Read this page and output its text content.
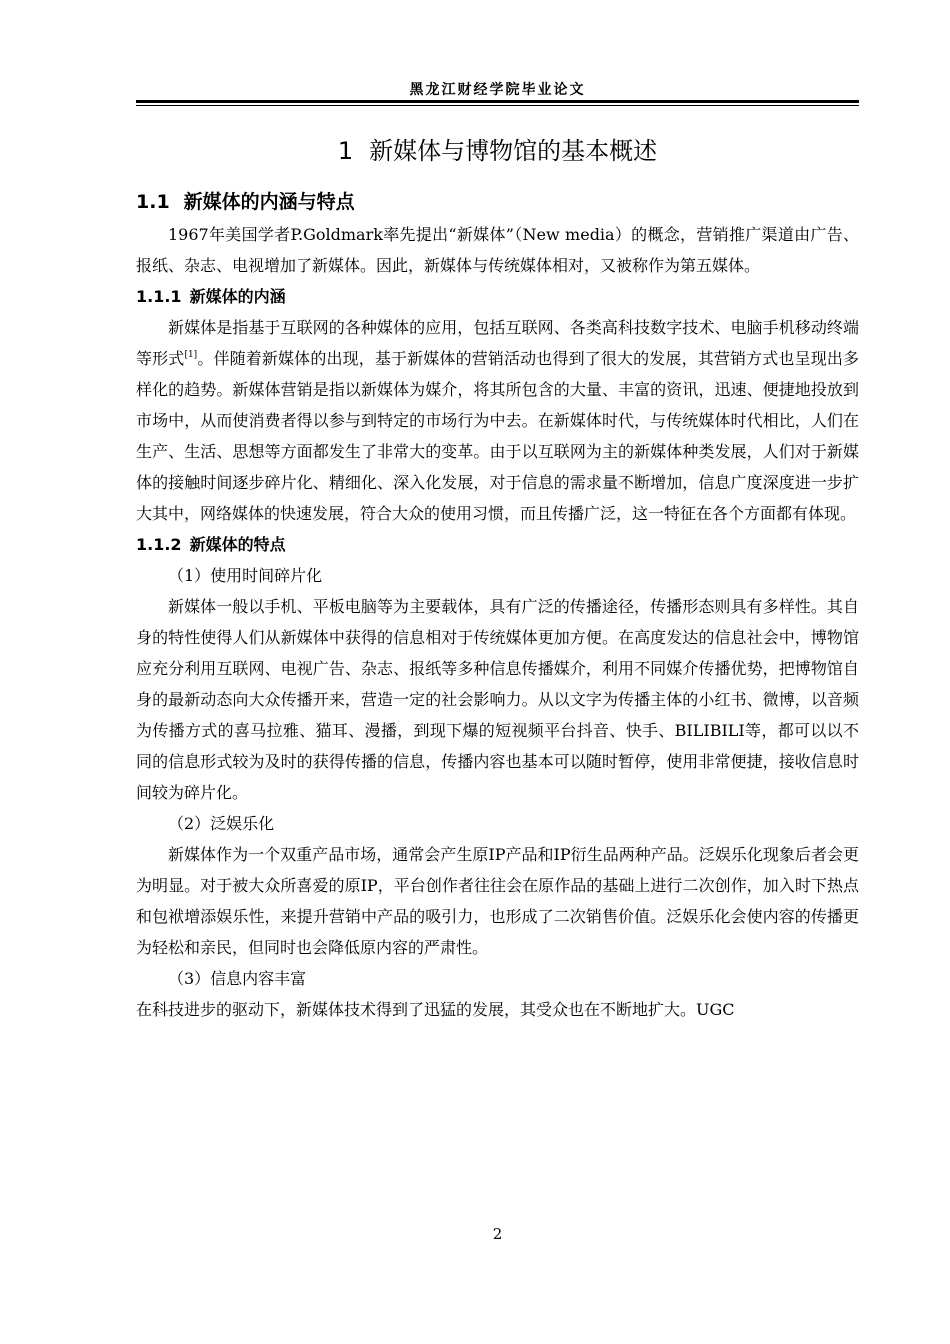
黑龙江财经学院毕业论文
1 新媒体与博物馆的基本概述
1.1 新媒体的内涵与特点

1967年美国学者P.Goldmark率先提出“新媒体”（New media）的概念，营销推广渠道由广告、报纸、杂志、电视增加了新媒体。因此，新媒体与传统媒体相对，又被称作为第五媒体。

1.1.1 新媒体的内涵

新媒体是指基于互联网的各种媒体的应用，包括互联网、各类高科技数字技术、电脑手机移动终端等形式[1]。伴随着新媒体的出现，基于新媒体的营销活动也得到了很大的发展，其营销方式也呈现出多样化的趋势。新媒体营销是指以新媒体为媒介，将其所包含的大量、丰富的资讯，迅速、便捷地投放到市场中，从而使消费者得以参与到特定的市场行为中去。在新媒体时代，与传统媒体时代相比，人们在生产、生活、思想等方面都发生了非常大的变革。由于以互联网为主的新媒体种类发展，人们对于新媒体的接触时间逐步碎片化、精细化、深入化发展，对于信息的需求量不断增加，信息广度深度进一步扩大其中，网络媒体的快速发展，符合大众的使用习惯，而且传播广泛，这一特征在各个方面都有体现。

1.1.2 新媒体的特点

（1）使用时间碎片化

新媒体一般以手机、平板电脑等为主要载体，具有广泛的传播途径，传播形态则具有多样性。其自身的特性使得人们从新媒体中获得的信息相对于传统媒体更加方便。在高度发达的信息社会中，博物馆应充分利用互联网、电视广告、杂志、报纸等多种信息传播媒介，利用不同媒介传播优势，把博物馆自身的最新动态向大众传播开来，营造一定的社会影响力。从以文字为传播主体的小红书、微博，以音频为传播方式的喜马拉雅、猫耳、漫播，到现下爆的短视频平台抖音、快手、BILIBILI等，都可以以不同的信息形式较为及时的获得传播的信息，传播内容也基本可以随时暂停，使用非常便捷，接收信息时间较为碎片化。

（2）泛娱乐化

新媒体作为一个双重产品市场，通常会产生原IP产品和IP衍生品两种产品。泛娱乐化现象后者会更为明显。对于被大众所喜爱的原IP，平台创作者往往会在原作品的基础上进行二次创作，加入时下热点和包袱增添娱乐性，来提升营销中产品的吸引力，也形成了二次销售价值。泛娱乐化会使内容的传播更为轻松和亲民，但同时也会降低原内容的严肃性。

（3）信息内容丰富

在科技进步的驱动下，新媒体技术得到了迅猛的发展，其受众也在不断地扩大。UGC

2
